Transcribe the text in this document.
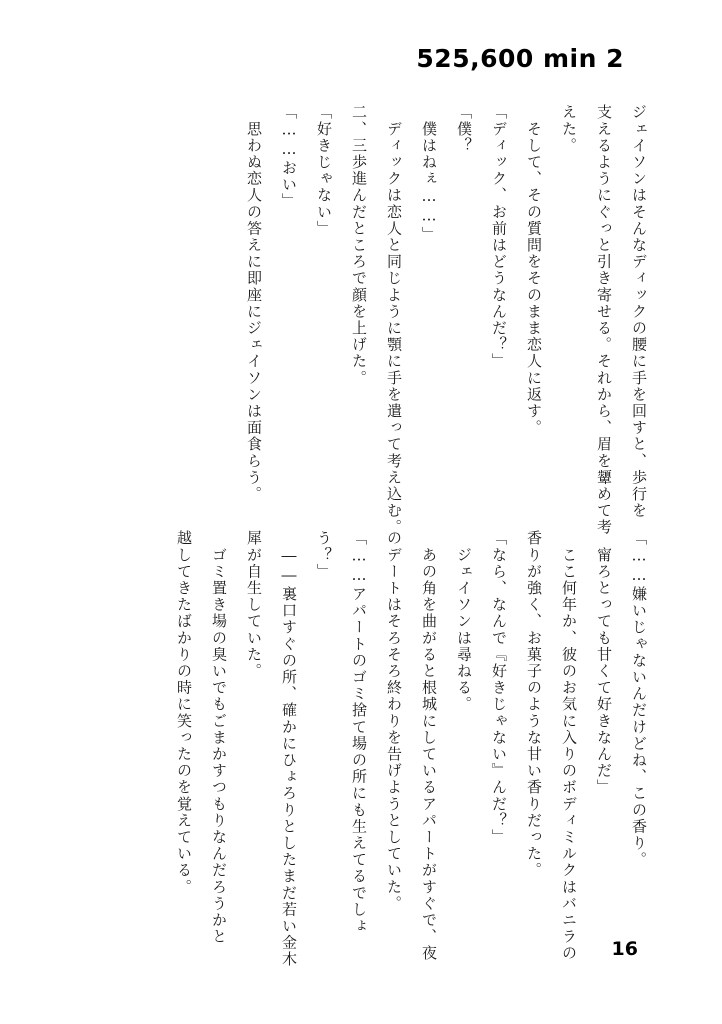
525,600 min 2
ジェイソンはそんなディックの腰に手を回すと、歩行を
支えるようにぐっと引き寄せる。それから、眉を顰めて考
えた。
　そして、その質問をそのまま恋人に返す。
「ディック、お前はどうなんだ？」
「僕？
　僕はねぇ……」
　ディックは恋人と同じように顎に手を遣って考え込む。
二、三歩進んだところで顔を上げた。
「好きじゃない」
「……おい」
　思わぬ恋人の答えに即座にジェイソンは面食らう。
「……嫌いじゃないんだけどね、この香り。
　甯ろとっても甘くて好きなんだ」
　ここ何年か、彼のお気に入りのボディミルクはバニラの
香りが強く、お菓子のような甘い香りだった。
「なら、なんで『好きじゃない』んだ？」
　ジェイソンは尋ねる。
　あの角を曲がると根城にしているアパートがすぐで、夜
のデートはそろそろ終わりを告げようとしていた。
「……アパートのゴミ捨て場の所にも生えてるでしょ
う？」
　――裏口すぐの所、確かにひょろりとしたまだ若い金木
犀が自生していた。
　ゴミ置き場の臭いでもごまかすつもりなんだろうかと
越してきたばかりの時に笑ったのを覚えている。
16
